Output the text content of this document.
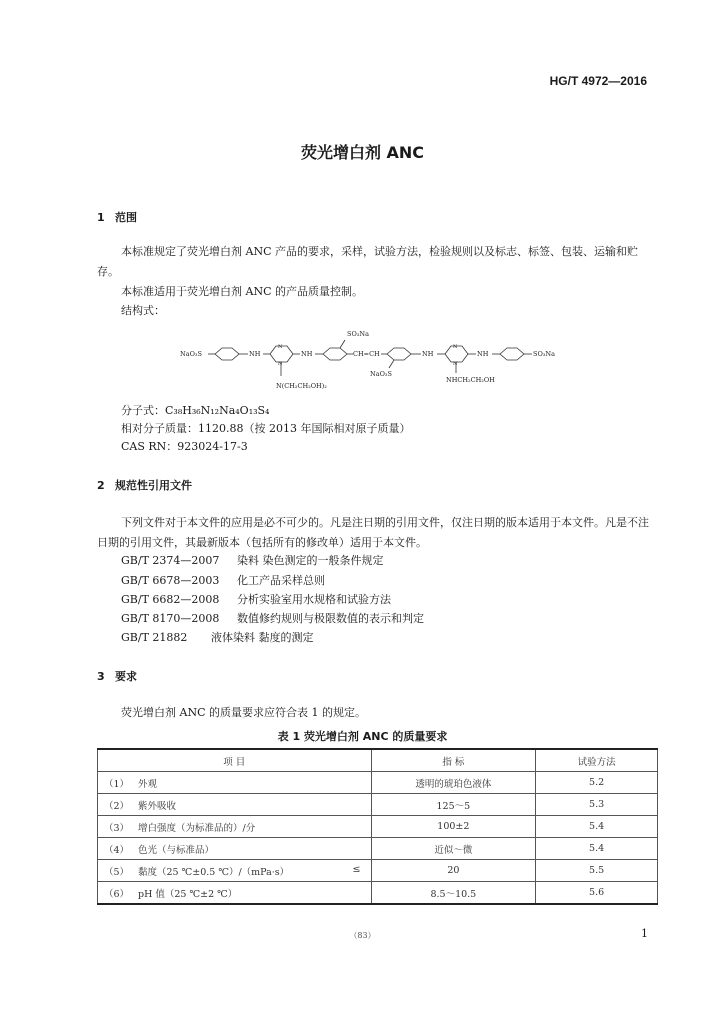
HG/T 4972—2016
荧光增白剂 ANC
1 范围
本标准规定了荧光增白剂 ANC 产品的要求，采样，试验方法，检验规则以及标志、标签、包装、运输和贮存。
本标准适用于荧光增白剂 ANC 的产品质量控制。
结构式：
NaO₃S	NH	NH
N
N
SO₃Na
CH=CH
NaO₃S
NH	NH
N
N
SO₃Na
N(CH₂CH₂OH)₂
NHCH₂CH₂OH
分子式：C₃₈H₃₆N₁₂Na₄O₁₃S₄
相对分子质量：1120.88（按 2013 年国际相对原子质量）
CAS RN：923024-17-3
2 规范性引用文件
下列文件对于本文件的应用是必不可少的。凡是注日期的引用文件，仅注日期的版本适用于本文件。凡是不注日期的引用文件，其最新版本（包括所有的修改单）适用于本文件。
GB/T 2374—2007 染料 染色测定的一般条件规定
GB/T 6678—2003 化工产品采样总则
GB/T 6682—2008 分析实验室用水规格和试验方法
GB/T 8170—2008 数值修约规则与极限数值的表示和判定
GB/T 21882 液体染料 黏度的测定
3 要求
荧光增白剂 ANC 的质量要求应符合表 1 的规定。
表 1 荧光增白剂 ANC 的质量要求
项 目	指 标	试验方法
（1） 外观	透明的琥珀色液体	5.2
（2） 紫外吸收	125～5	5.3
（3） 增白强度（为标准品的）/分	100±2	5.4
（4） 色光（与标准品）	近似～微	5.4
（5） 黏度（25 ℃±0.5 ℃）/（mPa·s） ≤	20	5.5
（6） pH 值（25 ℃±2 ℃）	8.5～10.5	5.6
（83）	1
